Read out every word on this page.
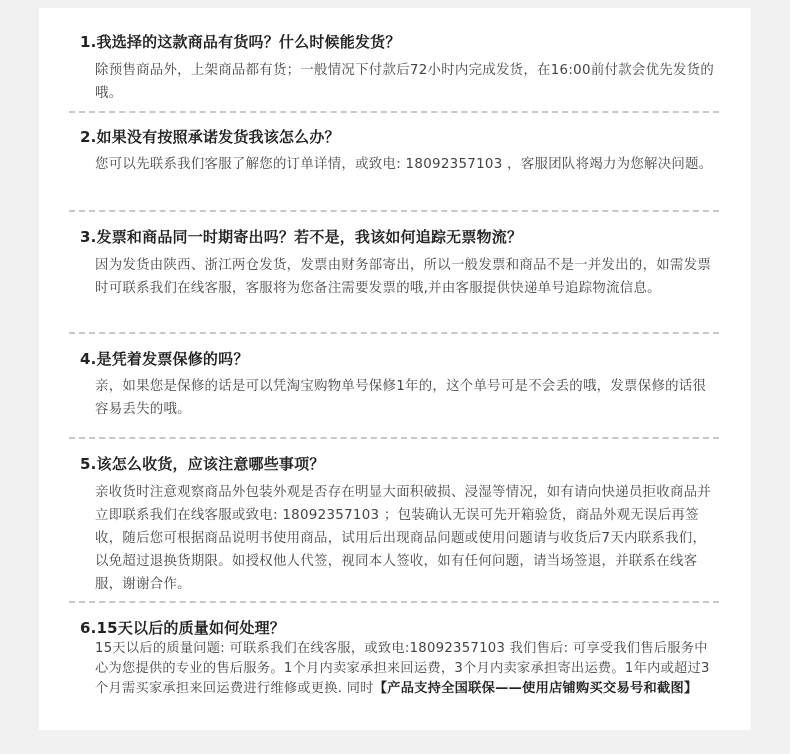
1.我选择的这款商品有货吗？什么时候能发货？
除预售商品外，上架商品都有货；一般情况下付款后72小时内完成发货，在16:00前付款会优先发货的哦。
2.如果没有按照承诺发货我该怎么办？
您可以先联系我们客服了解您的订单详情，或致电: 18092357103 ，客服团队将竭力为您解决问题。
3.发票和商品同一时期寄出吗？若不是，我该如何追踪无票物流？
因为发货由陕西、浙江两仓发货，发票由财务部寄出，所以一般发票和商品不是一并发出的，如需发票时可联系我们在线客服，客服将为您备注需要发票的哦,并由客服提供快递单号追踪物流信息。
4.是凭着发票保修的吗？
亲，如果您是保修的话是可以凭淘宝购物单号保修1年的，这个单号可是不会丢的哦，发票保修的话很容易丢失的哦。
5.该怎么收货，应该注意哪些事项？
亲收货时注意观察商品外包装外观是否存在明显大面积破损、浸湿等情况，如有请向快递员拒收商品并立即联系我们在线客服或致电: 18092357103 ；包装确认无误可先开箱验货，商品外观无误后再签收，随后您可根据商品说明书使用商品，试用后出现商品问题或使用问题请与收货后7天内联系我们，以免超过退换货期限。如授权他人代签，视同本人签收，如有任何问题，请当场签退，并联系在线客服，谢谢合作。
6.15天以后的质量如何处理？
15天以后的质量问题: 可联系我们在线客服，或致电:18092357103 我们售后: 可享受我们售后服务中心为您提供的专业的售后服务。1个月内卖家承担来回运费，3个月内卖家承担寄出运费。1年内或超过3个月需买家承担来回运费进行维修或更换. 同时【产品支持全国联保——使用店铺购买交易号和截图】
